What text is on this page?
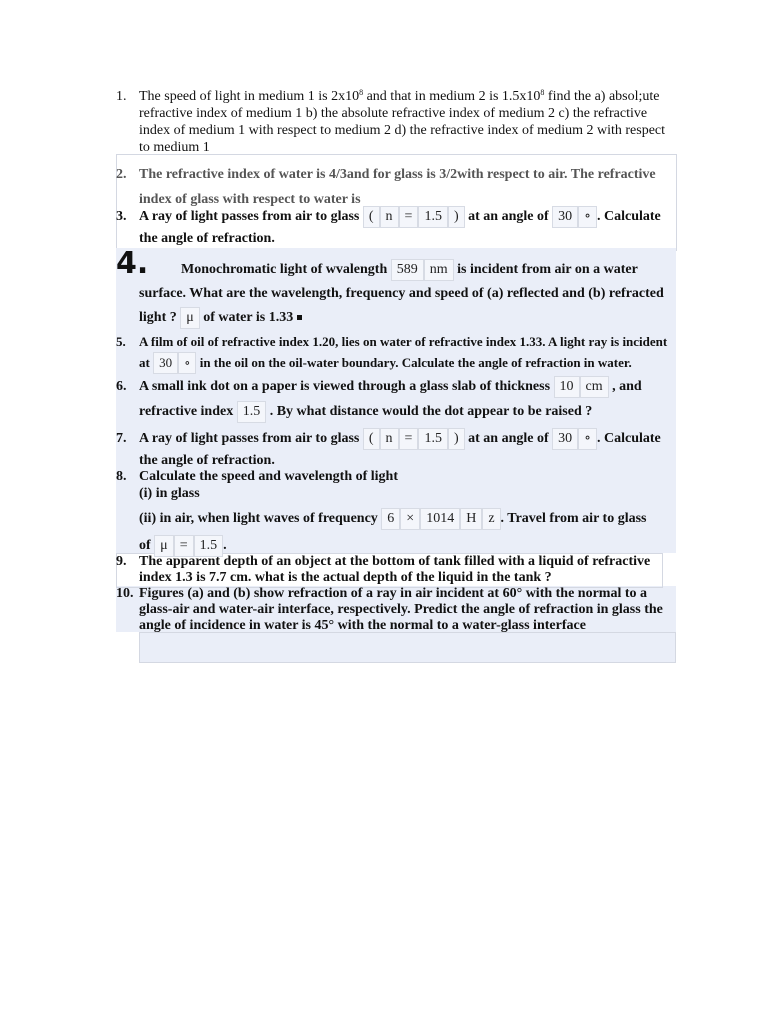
1. The speed of light in medium 1 is $2x10^8$ and that in medium 2 is $1.5x10^8$ find the a) absol;ute refractive index of medium 1 b) the absolute refractive index of medium 2 c) the refractive index of medium 1 with respect to medium 2 d) the refractive index of medium 2 with respect to medium 1
2. The refractive index of water is 4/3and for glass is 3/2with respect to air. The refractive index of glass with respect to water is
3. A ray of light passes from air to glass ( n = 1.5 ) at an angle of 30 ∘ . Calculate the angle of refraction.
4.	Monochromatic light of wvalength 589 nm is incident from air on a water surface. What are the wavelength, frequency and speed of (a) reflected and (b) refracted light ? μ of water is 1.33
5. A film of oil of refractive index 1.20, lies on water of refractive index 1.33. A light ray is incident at 30 ∘ in the oil on the oil-water boundary. Calculate the angle of refraction in water.
6. A small ink dot on a paper is viewed through a glass slab of thickness 10 cm , and refractive index 1.5 . By what distance would the dot appear to be raised ?
7. A ray of light passes from air to glass ( n = 1.5 ) at an angle of 30 ∘ . Calculate the angle of refraction.
8. Calculate the speed and wavelength of light
(i) in glass
(ii) in air, when light waves of frequency 6 × 1014 H z . Travel from air to glass
of μ = 1.5 .
9. The apparent depth of an object at the bottom of tank filled with a liquid of refractive index 1.3 is 7.7 cm. what is the actual depth of the liquid in the tank ?
10. Figures (a) and (b) show refraction of a ray in air incident at 60° with the normal to a glass-air and water-air interface, respectively. Predict the angle of refraction in glass the angle of incidence in water is 45° with the normal to a water-glass interface
